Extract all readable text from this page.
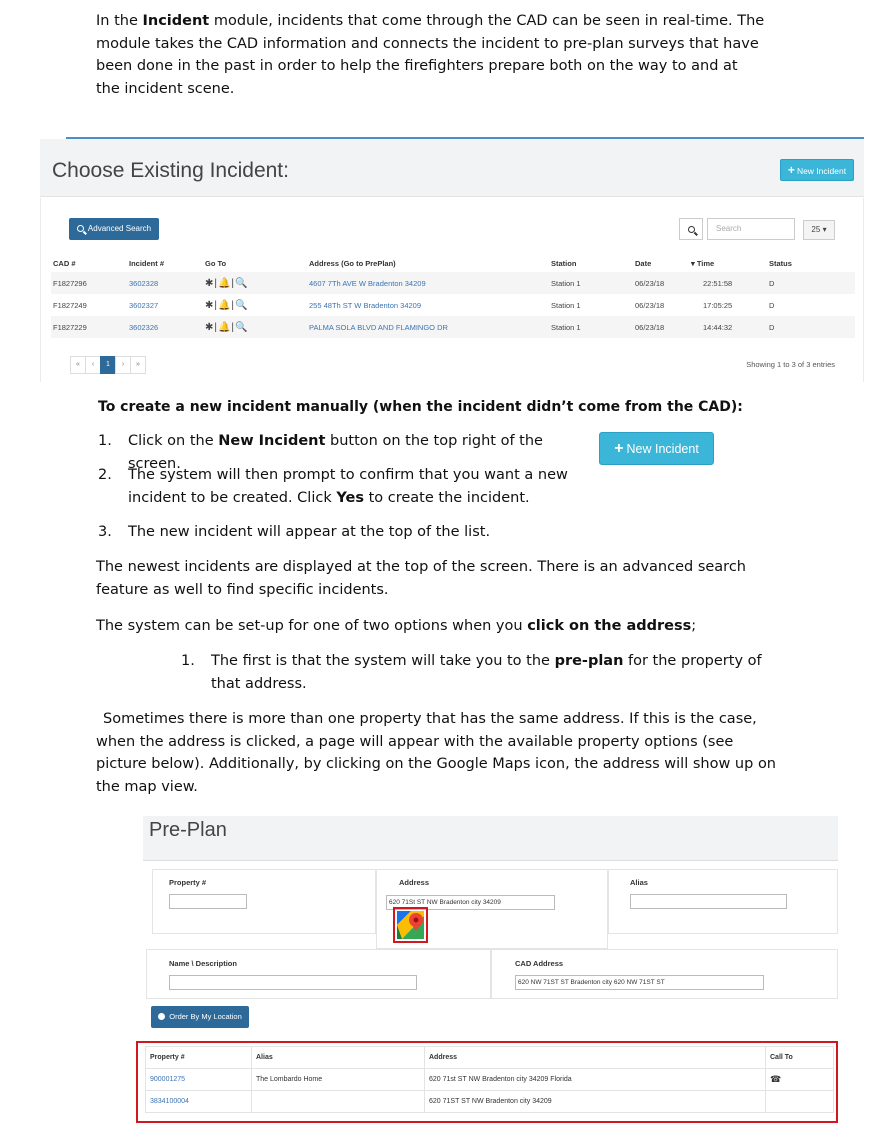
In the Incident module, incidents that come through the CAD can be seen in real-time. The module takes the CAD information and connects the incident to pre-plan surveys that have been done in the past in order to help the firefighters prepare both on the way to and at the incident scene.
Choose Existing Incident:	+ New Incident
Advanced Search	Search	25 ▾
CAD #	Incident #	Go To	Address (Go to PrePlan)	Station	Date	▾ Time	Status
F1827296	3602328	✱|🔔|🔍	4607 7Th AVE W Bradenton 34209	Station 1	06/23/18	22:51:58	D
F1827249	3602327	✱|🔔|🔍	255 48Th ST W Bradenton 34209	Station 1	06/23/18	17:05:25	D
F1827229	3602326	✱|🔔|🔍	PALMA SOLA BLVD AND FLAMINGO DR	Station 1	06/23/18	14:44:32	D
«	‹	1	›	»	Showing 1 to 3 of 3 entries
To create a new incident manually (when the incident didn’t come from the CAD):
1. Click on the New Incident button on the top right of the screen.
+ New Incident
2. The system will then prompt to confirm that you want a new incident to be created. Click Yes to create the incident.
3. The new incident will appear at the top of the list.
The newest incidents are displayed at the top of the screen. There is an advanced search feature as well to find specific incidents.
The system can be set-up for one of two options when you click on the address;
1. The first is that the system will take you to the pre-plan for the property of that address.
Sometimes there is more than one property that has the same address. If this is the case, when the address is clicked, a page will appear with the available property options (see picture below). Additionally, by clicking on the Google Maps icon, the address will show up on the map view.
Pre-Plan
Property #	Address
620 71St ST NW Bradenton city 34209
Alias
Name \ Description	CAD Address
620 NW 71ST ST Bradenton city 620 NW 71ST ST
Order By My Location
Property #	Alias	Address	Call To
900001275	The Lombardo Home	620 71st ST NW Bradenton city 34209 Florida	☎
3834100004		620 71ST ST NW Bradenton city 34209	
